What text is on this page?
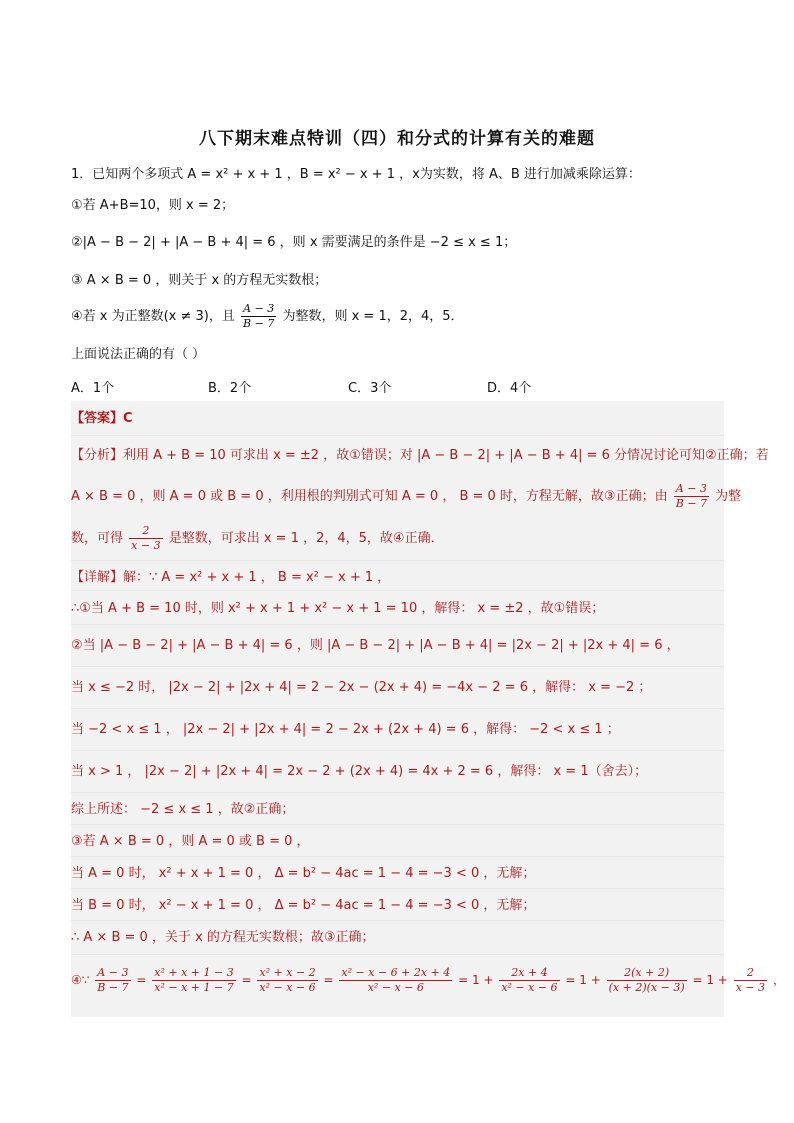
八下期末难点特训（四）和分式的计算有关的难题
1．已知两个多项式 A = x² + x + 1 ，B = x² − x + 1 ，x为实数，将 A、B 进行加减乘除运算：
①若 A+B=10，则 x = 2；
②|A − B − 2| + |A − B + 4| = 6 ，则 x 需要满足的条件是 −2 ≤ x ≤ 1；
③ A × B = 0 ，则关于 x 的方程无实数根；
④若 x 为正整数(x ≠ 3)，且 $\frac{A - 3}{B - 7}$ 为整数，则 x = 1，2，4，5．
上面说法正确的有（ ）
A．1个	B．2个	C．3个	D．4个
【答案】C
【分析】利用 A + B = 10 可求出 x = ±2 ，故①错误；对 |A − B − 2| + |A − B + 4| = 6 分情况讨论可知②正确；若
A × B = 0 ，则 A = 0 或 B = 0 ，利用根的判别式可知 A = 0 ， B = 0 时，方程无解，故③正确；由 $\frac{A - 3}{B - 7}$ 为整
数，可得 $\frac{2}{x - 3}$ 是整数，可求出 x = 1 ，2，4，5，故④正确．
【详解】解：∵ A = x² + x + 1 ， B = x² − x + 1 ，
∴①当 A + B = 10 时，则 x² + x + 1 + x² − x + 1 = 10 ，解得： x = ±2 ，故①错误；
②当 |A − B − 2| + |A − B + 4| = 6 ，则 |A − B − 2| + |A − B + 4| = |2x − 2| + |2x + 4| = 6 ，
当 x ≤ −2 时， |2x − 2| + |2x + 4| = 2 − 2x − (2x + 4) = −4x − 2 = 6 ，解得： x = −2 ；
当 −2 < x ≤ 1 ， |2x − 2| + |2x + 4| = 2 − 2x + (2x + 4) = 6 ，解得： −2 < x ≤ 1 ；
当 x > 1 ， |2x − 2| + |2x + 4| = 2x − 2 + (2x + 4) = 4x + 2 = 6 ，解得： x = 1（舍去）；
综上所述： −2 ≤ x ≤ 1 ，故②正确；
③若 A × B = 0 ，则 A = 0 或 B = 0 ，
当 A = 0 时， x² + x + 1 = 0 ， Δ = b² − 4ac = 1 − 4 = −3 < 0 ，无解；
当 B = 0 时， x² − x + 1 = 0 ， Δ = b² − 4ac = 1 − 4 = −3 < 0 ，无解；
∴ A × B = 0 ，关于 x 的方程无实数根；故③正确；
④∵ $\frac{A - 3}{B - 7} = \frac{\text{x² + x + 1 − 3}}{\text{x² − x + 1 − 7}} = \frac{\text{x² + x − 2}}{\text{x² − x − 6}} = \frac{\text{x² − x − 6 + 2x + 4}}{\text{x² − x − 6}} = 1 + \frac{2x + 4}{\text{x² − x − 6}} = 1 + \frac{2(x + 2)}{(x + 2)(x - 3)} = 1 + \frac{2}{x - 3}$ ，
